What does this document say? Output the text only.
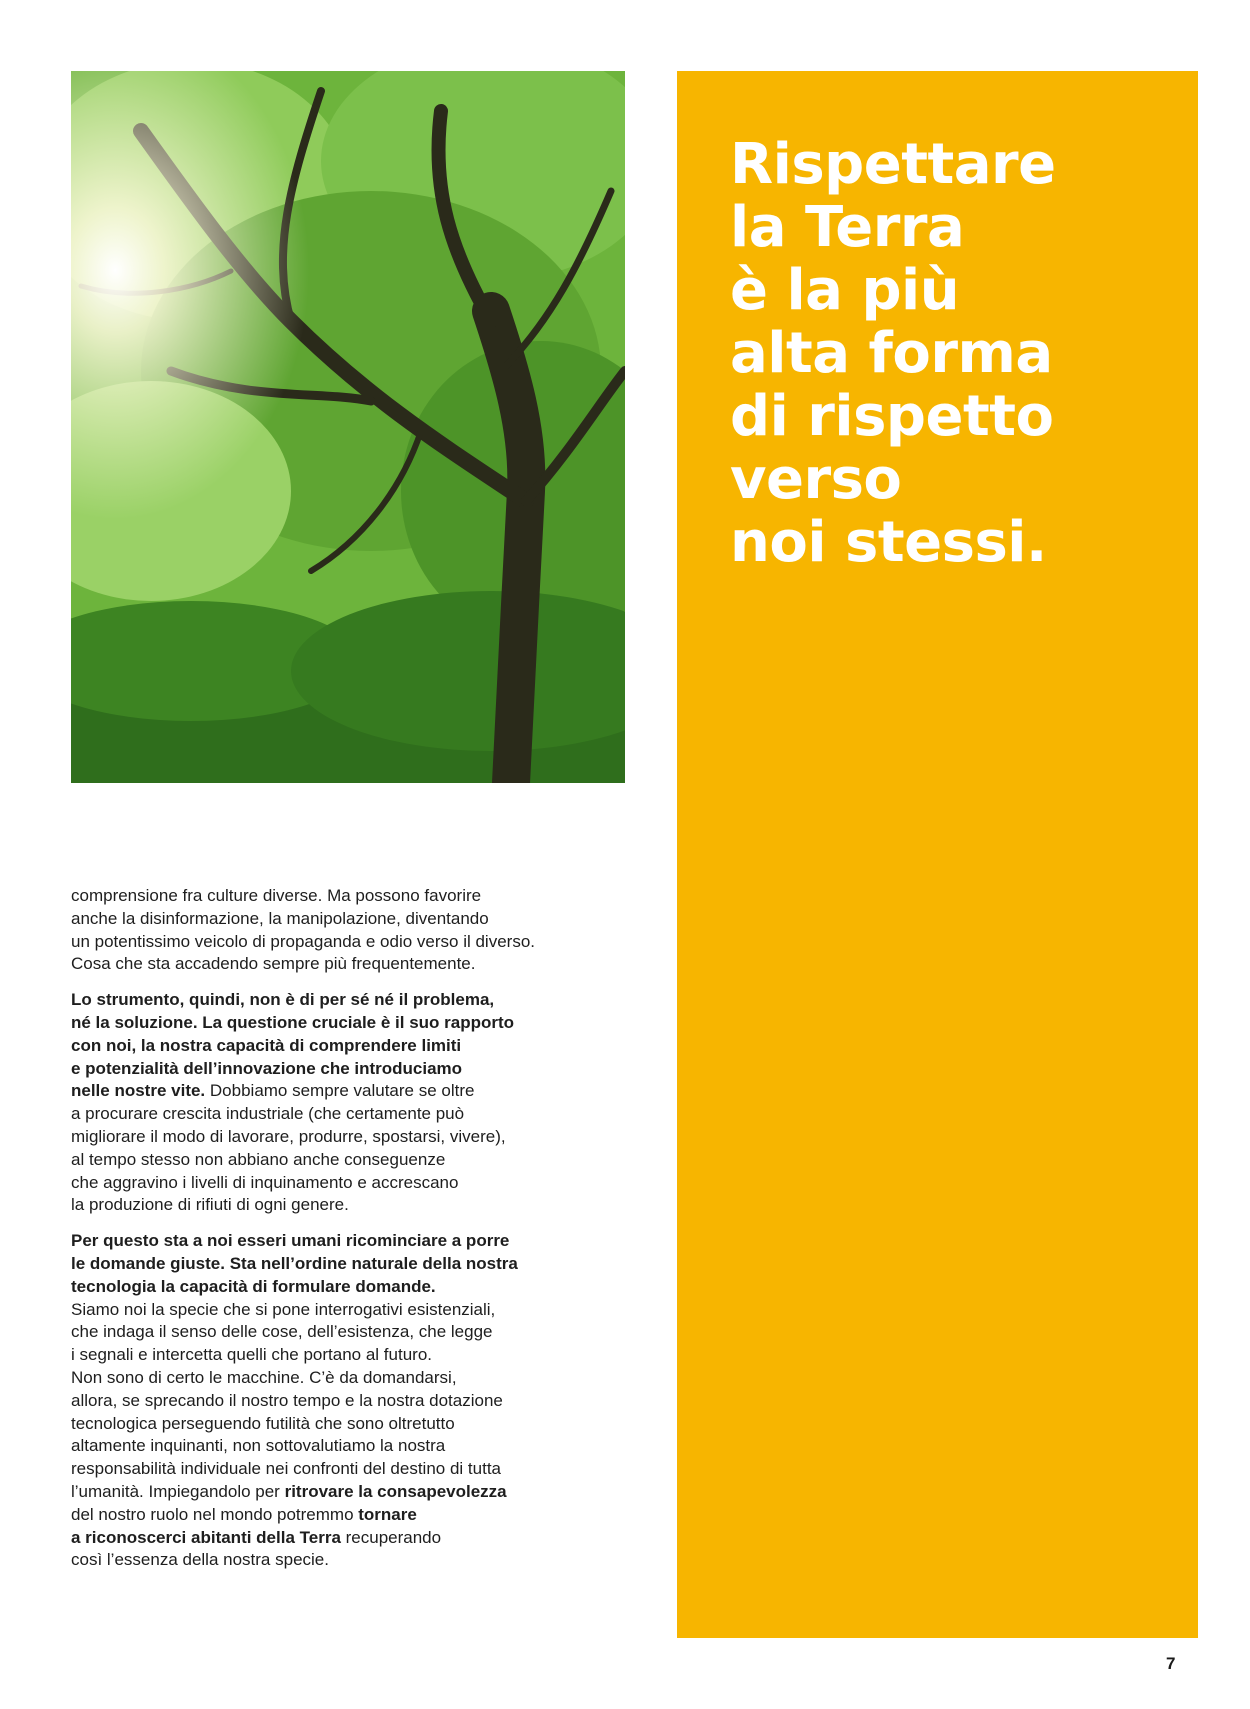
Rispettare
la Terra
è la più
alta forma
di rispetto
verso
noi stessi.

comprensione fra culture diverse. Ma possono favorire
anche la disinformazione, la manipolazione, diventando
un potentissimo veicolo di propaganda e odio verso il diverso.
Cosa che sta accadendo sempre più frequentemente.

Lo strumento, quindi, non è di per sé né il problema,
né la soluzione. La questione cruciale è il suo rapporto
con noi, la nostra capacità di comprendere limiti
e potenzialità dell’innovazione che introduciamo
nelle nostre vite. Dobbiamo sempre valutare se oltre
a procurare crescita industriale (che certamente può
migliorare il modo di lavorare, produrre, spostarsi, vivere),
al tempo stesso non abbiano anche conseguenze
che aggravino i livelli di inquinamento e accrescano
la produzione di rifiuti di ogni genere.

Per questo sta a noi esseri umani ricominciare a porre
le domande giuste. Sta nell’ordine naturale della nostra
tecnologia la capacità di formulare domande.
Siamo noi la specie che si pone interrogativi esistenziali,
che indaga il senso delle cose, dell’esistenza, che legge
i segnali e intercetta quelli che portano al futuro.
Non sono di certo le macchine. C’è da domandarsi,
allora, se sprecando il nostro tempo e la nostra dotazione
tecnologica perseguendo futilità che sono oltretutto
altamente inquinanti, non sottovalutiamo la nostra
responsabilità individuale nei confronti del destino di tutta
l’umanità. Impiegandolo per ritrovare la consapevolezza
del nostro ruolo nel mondo potremmo tornare
a riconoscerci abitanti della Terra recuperando
così l’essenza della nostra specie.

7
